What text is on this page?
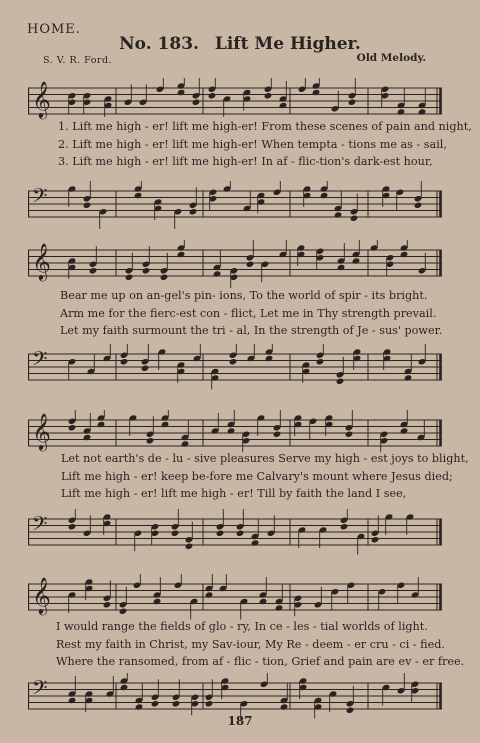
HOME.
No. 183. Lift Me Higher.
S. V. R. Ford.	Old Melody.
𝄞
1. Lift me high - er! lift me high-er! From these scenes of pain and night,
2. Lift me high - er! lift me high-er! When tempta - tions me as - sail,
3. Lift me high - er! lift me high-er! In af - flic-tion's dark-est hour,
𝄢
𝄞
Bear me up on an-gel's pin- ions, To the world of spir - its bright.
Arm me for the fierc-est con - flict, Let me in Thy strength prevail.
Let my faith surmount the tri - al, In the strength of Je - sus' power.
𝄢
𝄞
Let not earth's de - lu - sive pleasures Serve my high - est joys to blight,
Lift me high - er! keep be-fore me Calvary's mount where Jesus died;
Lift me high - er! lift me high - er! Till by faith the land I see,
𝄢
𝄞
I would range the fields of glo - ry, In ce - les - tial worlds of light.
Rest my faith in Christ, my Sav-iour, My Re - deem - er cru - ci - fied.
Where the ransomed, from af - flic - tion, Grief and pain are ev - er free.
𝄢
187
